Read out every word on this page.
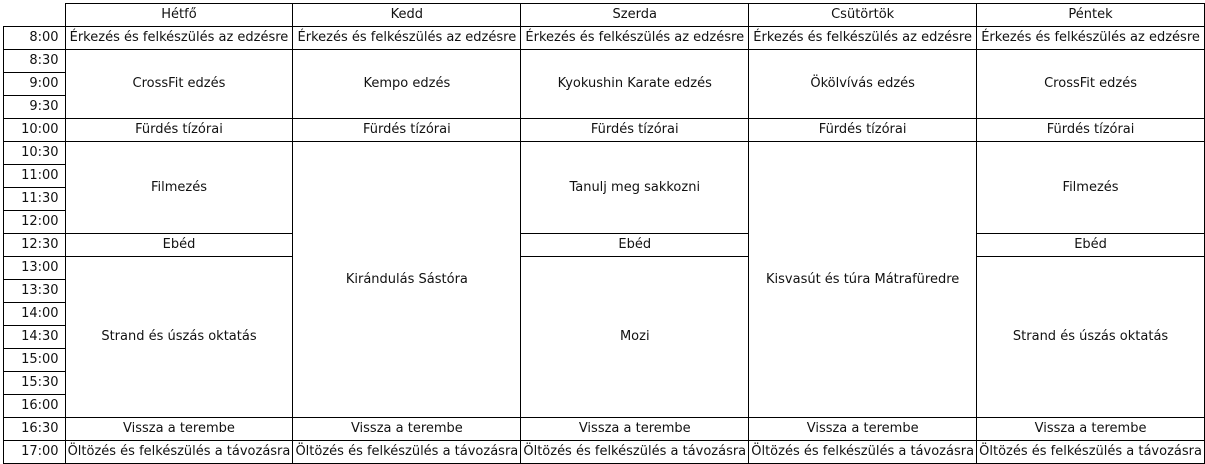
	Hétfő	Kedd	Szerda	Csütörtök	Péntek
8:00	Érkezés és felkészülés az edzésre	Érkezés és felkészülés az edzésre	Érkezés és felkészülés az edzésre	Érkezés és felkészülés az edzésre	Érkezés és felkészülés az edzésre
8:30	CrossFit edzés	Kempo edzés	Kyokushin Karate edzés	Ökölvívás edzés	CrossFit edzés
9:00					
9:30					
10:00	Fürdés tízórai	Fürdés tízórai	Fürdés tízórai	Fürdés tízórai	Fürdés tízórai
10:30	Filmezés	Kirándulás Sástóra	Tanulj meg sakkozni	Kisvasút és túra Mátrafüredre	Filmezés
11:00					
11:30					
12:00					
12:30	Ebéd		Ebéd		Ebéd
13:00	Strand és úszás oktatás		Mozi		Strand és úszás oktatás
13:30					
14:00					
14:30					
15:00					
15:30					
16:00					
16:30	Vissza a terembe	Vissza a terembe	Vissza a terembe	Vissza a terembe	Vissza a terembe
17:00	Öltözés és felkészülés a távozásra	Öltözés és felkészülés a távozásra	Öltözés és felkészülés a távozásra	Öltözés és felkészülés a távozásra	Öltözés és felkészülés a távozásra
